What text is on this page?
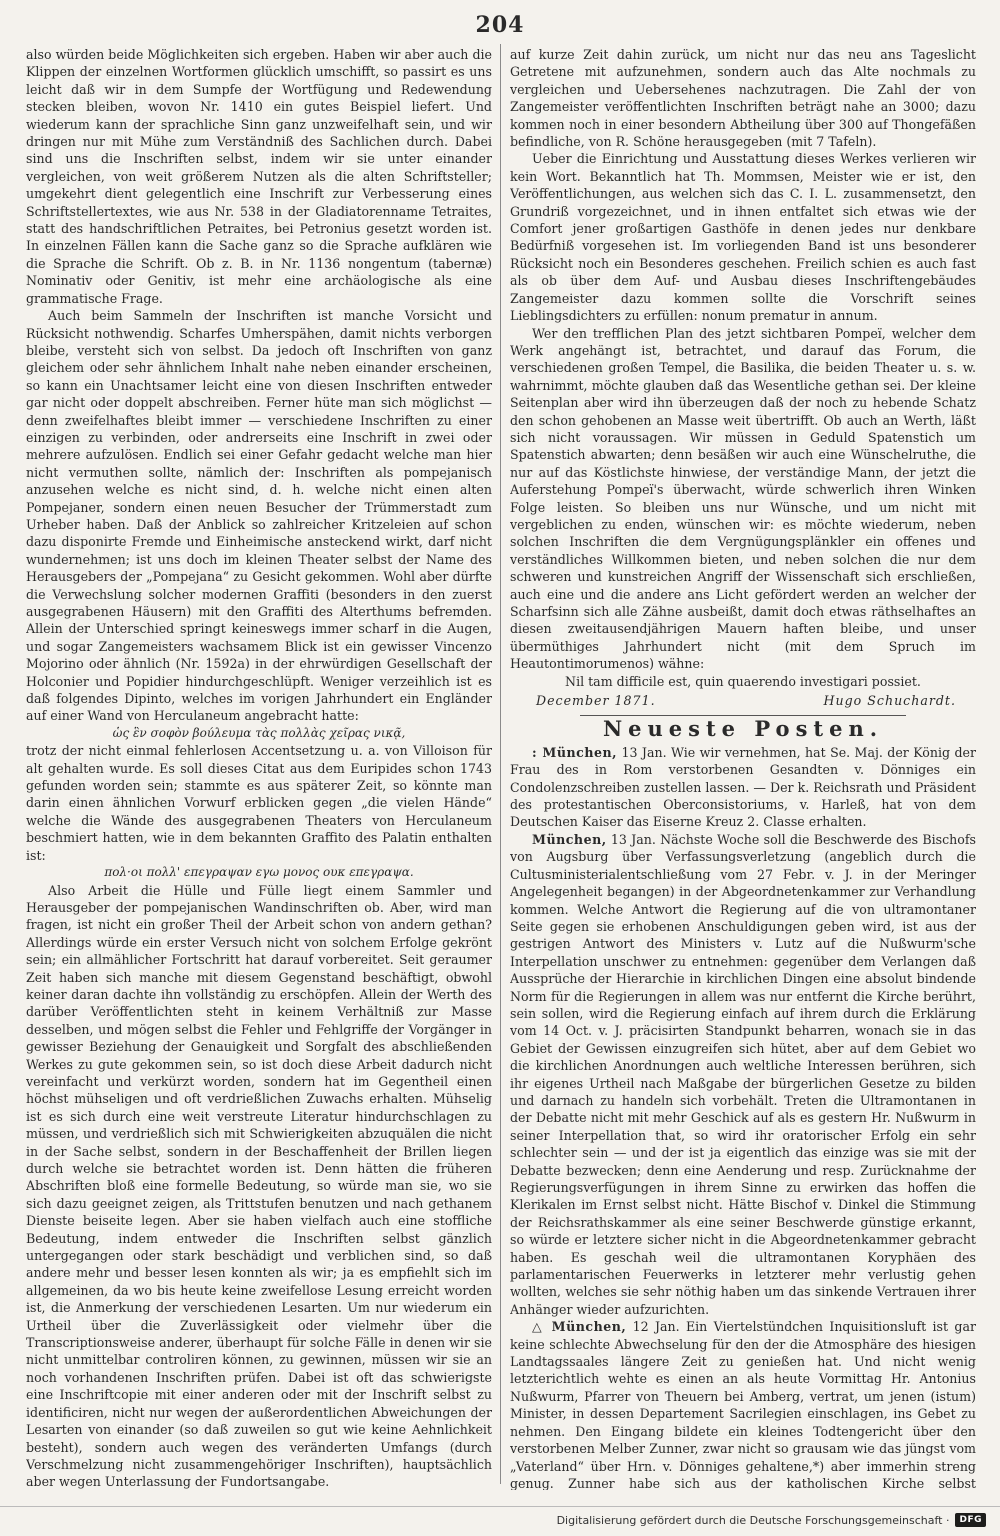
204

also würden beide Möglichkeiten sich ergeben. Haben wir aber auch die Klippen der einzelnen Wortformen glücklich umschifft, so passirt es uns leicht daß wir in dem Sumpfe der Wortfügung und Redewendung stecken bleiben, wovon Nr. 1410 ein gutes Beispiel liefert. Und wiederum kann der sprachliche Sinn ganz unzweifelhaft sein, und wir dringen nur mit Mühe zum Verständniß des Sachlichen durch. Dabei sind uns die Inschriften selbst, indem wir sie unter einander vergleichen, von weit größerem Nutzen als die alten Schriftsteller; umgekehrt dient gelegentlich eine Inschrift zur Verbesserung eines Schriftstellertextes, wie aus Nr. 538 in der Gladiatorenname Tetraites, statt des handschriftlichen Petraites, bei Petronius gesetzt worden ist. In einzelnen Fällen kann die Sache ganz so die Sprache aufklären wie die Sprache die Schrift. Ob z. B. in Nr. 1136 nongentum (tabernæ) Nominativ oder Genitiv, ist mehr eine archäologische als eine grammatische Frage.

Auch beim Sammeln der Inschriften ist manche Vorsicht und Rücksicht nothwendig. Scharfes Umherspähen, damit nichts verborgen bleibe, versteht sich von selbst. Da jedoch oft Inschriften von ganz gleichem oder sehr ähnlichem Inhalt nahe neben einander erscheinen, so kann ein Unachtsamer leicht eine von diesen Inschriften entweder gar nicht oder doppelt abschreiben. Ferner hüte man sich möglichst — denn zweifelhaftes bleibt immer — verschiedene Inschriften zu einer einzigen zu verbinden, oder andrerseits eine Inschrift in zwei oder mehrere aufzulösen. Endlich sei einer Gefahr gedacht welche man hier nicht vermuthen sollte, nämlich der: Inschriften als pompejanisch anzusehen welche es nicht sind, d. h. welche nicht einen alten Pompejaner, sondern einen neuen Besucher der Trümmerstadt zum Urheber haben. Daß der Anblick so zahlreicher Kritzeleien auf schon dazu disponirte Fremde und Einheimische ansteckend wirkt, darf nicht wundernehmen; ist uns doch im kleinen Theater selbst der Name des Herausgebers der „Pompejana“ zu Gesicht gekommen. Wohl aber dürfte die Verwechslung solcher modernen Graffiti (besonders in den zuerst ausgegrabenen Häusern) mit den Graffiti des Alterthums befremden. Allein der Unterschied springt keineswegs immer scharf in die Augen, und sogar Zangemeisters wachsamem Blick ist ein gewisser Vincenzo Mojorino oder ähnlich (Nr. 1592a) in der ehrwürdigen Gesellschaft der Holconier und Popidier hindurchgeschlüpft. Weniger verzeihlich ist es daß folgendes Dipinto, welches im vorigen Jahrhundert ein Engländer auf einer Wand von Herculaneum angebracht hatte:

ὡς ἓν σοφὸν βούλευμα τὰς πολλὰς χεῖρας νικᾷ,

trotz der nicht einmal fehlerlosen Accentsetzung u. a. von Villoison für alt gehalten wurde. Es soll dieses Citat aus dem Euripides schon 1743 gefunden worden sein; stammte es aus späterer Zeit, so könnte man darin einen ähnlichen Vorwurf erblicken gegen „die vielen Hände“ welche die Wände des ausgegrabenen Theaters von Herculaneum beschmiert hatten, wie in dem bekannten Graffito des Palatin enthalten ist:

πολ·οι πολλ' επεγραψαν εγω μονος ουκ επεγραψα.

Also Arbeit die Hülle und Fülle liegt einem Sammler und Herausgeber der pompejanischen Wandinschriften ob. Aber, wird man fragen, ist nicht ein großer Theil der Arbeit schon von andern gethan? Allerdings würde ein erster Versuch nicht von solchem Erfolge gekrönt sein; ein allmählicher Fortschritt hat darauf vorbereitet. Seit geraumer Zeit haben sich manche mit diesem Gegenstand beschäftigt, obwohl keiner daran dachte ihn vollständig zu erschöpfen. Allein der Werth des darüber Veröffentlichten steht in keinem Verhältniß zur Masse desselben, und mögen selbst die Fehler und Fehlgriffe der Vorgänger in gewisser Beziehung der Genauigkeit und Sorgfalt des abschließenden Werkes zu gute gekommen sein, so ist doch diese Arbeit dadurch nicht vereinfacht und verkürzt worden, sondern hat im Gegentheil einen höchst mühseligen und oft verdrießlichen Zuwachs erhalten. Mühselig ist es sich durch eine weit verstreute Literatur hindurchschlagen zu müssen, und verdrießlich sich mit Schwierigkeiten abzuquälen die nicht in der Sache selbst, sondern in der Beschaffenheit der Brillen liegen durch welche sie betrachtet worden ist. Denn hätten die früheren Abschriften bloß eine formelle Bedeutung, so würde man sie, wo sie sich dazu geeignet zeigen, als Trittstufen benutzen und nach gethanem Dienste beiseite legen. Aber sie haben vielfach auch eine stoffliche Bedeutung, indem entweder die Inschriften selbst gänzlich untergegangen oder stark beschädigt und verblichen sind, so daß andere mehr und besser lesen konnten als wir; ja es empfiehlt sich im allgemeinen, da wo bis heute keine zweifellose Lesung erreicht worden ist, die Anmerkung der verschiedenen Lesarten. Um nur wiederum ein Urtheil über die Zuverlässigkeit oder vielmehr über die Transcriptionsweise anderer, überhaupt für solche Fälle in denen wir sie nicht unmittelbar controliren können, zu gewinnen, müssen wir sie an noch vorhandenen Inschriften prüfen. Dabei ist oft das schwierigste eine Inschriftcopie mit einer anderen oder mit der Inschrift selbst zu identificiren, nicht nur wegen der außerordentlichen Abweichungen der Lesarten von einander (so daß zuweilen so gut wie keine Aehnlichkeit besteht), sondern auch wegen des veränderten Umfangs (durch Verschmelzung nicht zusammengehöriger Inschriften), hauptsächlich aber wegen Unterlassung der Fundortsangabe.

auf kurze Zeit dahin zurück, um nicht nur das neu ans Tageslicht Getretene mit aufzunehmen, sondern auch das Alte nochmals zu vergleichen und Uebersehenes nachzutragen. Die Zahl der von Zangemeister veröffentlichten Inschriften beträgt nahe an 3000; dazu kommen noch in einer besondern Abtheilung über 300 auf Thongefäßen befindliche, von R. Schöne herausgegeben (mit 7 Tafeln).

Ueber die Einrichtung und Ausstattung dieses Werkes verlieren wir kein Wort. Bekanntlich hat Th. Mommsen, Meister wie er ist, den Veröffentlichungen, aus welchen sich das C. I. L. zusammensetzt, den Grundriß vorgezeichnet, und in ihnen entfaltet sich etwas wie der Comfort jener großartigen Gasthöfe in denen jedes nur denkbare Bedürfniß vorgesehen ist. Im vorliegenden Band ist uns besonderer Rücksicht noch ein Besonderes geschehen. Freilich schien es auch fast als ob über dem Auf- und Ausbau dieses Inschriftengebäudes Zangemeister dazu kommen sollte die Vorschrift seines Lieblingsdichters zu erfüllen: nonum prematur in annum.

Wer den trefflichen Plan des jetzt sichtbaren Pompeï, welcher dem Werk angehängt ist, betrachtet, und darauf das Forum, die verschiedenen großen Tempel, die Basilika, die beiden Theater u. s. w. wahrnimmt, möchte glauben daß das Wesentliche gethan sei. Der kleine Seitenplan aber wird ihn überzeugen daß der noch zu hebende Schatz den schon gehobenen an Masse weit übertrifft. Ob auch an Werth, läßt sich nicht voraussagen. Wir müssen in Geduld Spatenstich um Spatenstich abwarten; denn besäßen wir auch eine Wünschelruthe, die nur auf das Köstlichste hinwiese, der verständige Mann, der jetzt die Auferstehung Pompeï's überwacht, würde schwerlich ihren Winken Folge leisten. So bleiben uns nur Wünsche, und um nicht mit vergeblichen zu enden, wünschen wir: es möchte wiederum, neben solchen Inschriften die dem Vergnügungsplänkler ein offenes und verständliches Willkommen bieten, und neben solchen die nur dem schweren und kunstreichen Angriff der Wissenschaft sich erschließen, auch eine und die andere ans Licht gefördert werden an welcher der Scharfsinn sich alle Zähne ausbeißt, damit doch etwas räthselhaftes an diesen zweitausendjährigen Mauern haften bleibe, und unser übermüthiges Jahrhundert nicht (mit dem Spruch im Heautontimorumenos) wähne:

Nil tam difficile est, quin quaerendo investigari possiet.

December 1871.	Hugo Schuchardt.
Neueste Posten.

: München, 13 Jan. Wie wir vernehmen, hat Se. Maj. der König der Frau des in Rom verstorbenen Gesandten v. Dönniges ein Condolenzschreiben zustellen lassen. — Der k. Reichsrath und Präsident des protestantischen Oberconsistoriums, v. Harleß, hat von dem Deutschen Kaiser das Eiserne Kreuz 2. Classe erhalten.

München, 13 Jan. Nächste Woche soll die Beschwerde des Bischofs von Augsburg über Verfassungsverletzung (angeblich durch die Cultusministerialentschließung vom 27 Febr. v. J. in der Meringer Angelegenheit begangen) in der Abgeordnetenkammer zur Verhandlung kommen. Welche Antwort die Regierung auf die von ultramontaner Seite gegen sie erhobenen Anschuldigungen geben wird, ist aus der gestrigen Antwort des Ministers v. Lutz auf die Nußwurm'sche Interpellation unschwer zu entnehmen: gegenüber dem Verlangen daß Aussprüche der Hierarchie in kirchlichen Dingen eine absolut bindende Norm für die Regierungen in allem was nur entfernt die Kirche berührt, sein sollen, wird die Regierung einfach auf ihrem durch die Erklärung vom 14 Oct. v. J. präcisirten Standpunkt beharren, wonach sie in das Gebiet der Gewissen einzugreifen sich hütet, aber auf dem Gebiet wo die kirchlichen Anordnungen auch weltliche Interessen berühren, sich ihr eigenes Urtheil nach Maßgabe der bürgerlichen Gesetze zu bilden und darnach zu handeln sich vorbehält. Treten die Ultramontanen in der Debatte nicht mit mehr Geschick auf als es gestern Hr. Nußwurm in seiner Interpellation that, so wird ihr oratorischer Erfolg ein sehr schlechter sein — und der ist ja eigentlich das einzige was sie mit der Debatte bezwecken; denn eine Aenderung und resp. Zurücknahme der Regierungsverfügungen in ihrem Sinne zu erwirken das hoffen die Klerikalen im Ernst selbst nicht. Hätte Bischof v. Dinkel die Stimmung der Reichsrathskammer als eine seiner Beschwerde günstige erkannt, so würde er letztere sicher nicht in die Abgeordnetenkammer gebracht haben. Es geschah weil die ultramontanen Koryphäen des parlamentarischen Feuerwerks in letzterer mehr verlustig gehen wollten, welches sie sehr nöthig haben um das sinkende Vertrauen ihrer Anhänger wieder aufzurichten.

△ München, 12 Jan. Ein Viertelstündchen Inquisitionsluft ist gar keine schlechte Abwechselung für den der die Atmosphäre des hiesigen Landtagssaales längere Zeit zu genießen hat. Und nicht wenig letzterichtlich wehte es einen an als heute Vormittag Hr. Antonius Nußwurm, Pfarrer von Theuern bei Amberg, vertrat, um jenen (istum) Minister, in dessen Departement Sacrilegien einschlagen, ins Gebet zu nehmen. Den Eingang bildete ein kleines Todtengericht über den verstorbenen Melber Zunner, zwar nicht so grausam wie das jüngst vom „Vaterland“ über Hrn. v. Dönniges gehaltene,*) aber immerhin streng genug. Zunner habe sich aus der katholischen Kirche selbst

Digitalisierung gefördert durch die Deutsche Forschungsgemeinschaft ·	DFG
